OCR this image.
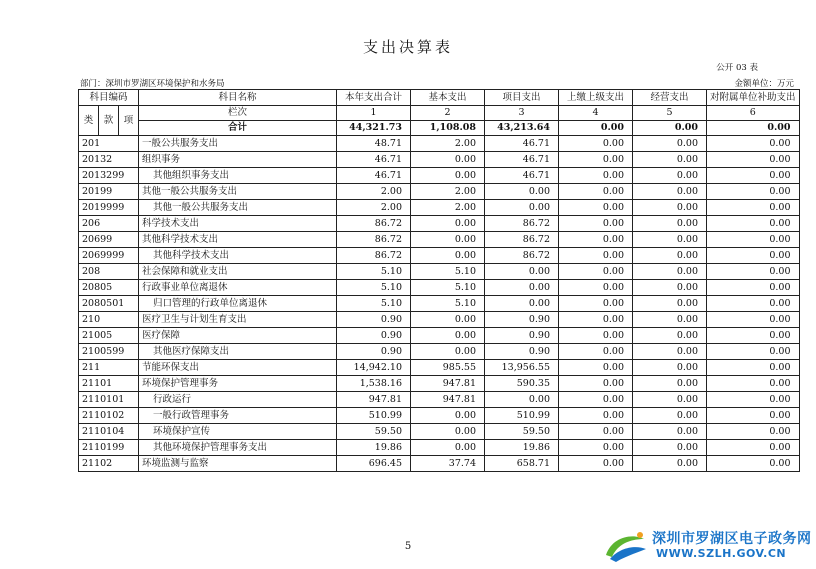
支出决算表
公开 03 表
部门：深圳市罗湖区环境保护和水务局	金额单位：万元
科目编码			科目名称	本年支出合计	基本支出	项目支出	上缴上级支出	经营支出	对附属单位补助支出
类	款	项	栏次	1	2	3	4	5	6
			合计	44,321.73	1,108.08	43,213.64	0.00	0.00	0.00
201			一般公共服务支出	48.71	2.00	46.71	0.00	0.00	0.00
20132			组织事务	46.71	0.00	46.71	0.00	0.00	0.00
2013299			其他组织事务支出	46.71	0.00	46.71	0.00	0.00	0.00
20199			其他一般公共服务支出	2.00	2.00	0.00	0.00	0.00	0.00
2019999			其他一般公共服务支出	2.00	2.00	0.00	0.00	0.00	0.00
206			科学技术支出	86.72	0.00	86.72	0.00	0.00	0.00
20699			其他科学技术支出	86.72	0.00	86.72	0.00	0.00	0.00
2069999			其他科学技术支出	86.72	0.00	86.72	0.00	0.00	0.00
208			社会保障和就业支出	5.10	5.10	0.00	0.00	0.00	0.00
20805			行政事业单位离退休	5.10	5.10	0.00	0.00	0.00	0.00
2080501			归口管理的行政单位离退休	5.10	5.10	0.00	0.00	0.00	0.00
210			医疗卫生与计划生育支出	0.90	0.00	0.90	0.00	0.00	0.00
21005			医疗保障	0.90	0.00	0.90	0.00	0.00	0.00
2100599			其他医疗保障支出	0.90	0.00	0.90	0.00	0.00	0.00
211			节能环保支出	14,942.10	985.55	13,956.55	0.00	0.00	0.00
21101			环境保护管理事务	1,538.16	947.81	590.35	0.00	0.00	0.00
2110101			行政运行	947.81	947.81	0.00	0.00	0.00	0.00
2110102			一般行政管理事务	510.99	0.00	510.99	0.00	0.00	0.00
2110104			环境保护宣传	59.50	0.00	59.50	0.00	0.00	0.00
2110199			其他环境保护管理事务支出	19.86	0.00	19.86	0.00	0.00	0.00
21102			环境监测与监察	696.45	37.74	658.71	0.00	0.00	0.00
5	深圳市罗湖区电子政务网
WWW.SZLH.GOV.CN
